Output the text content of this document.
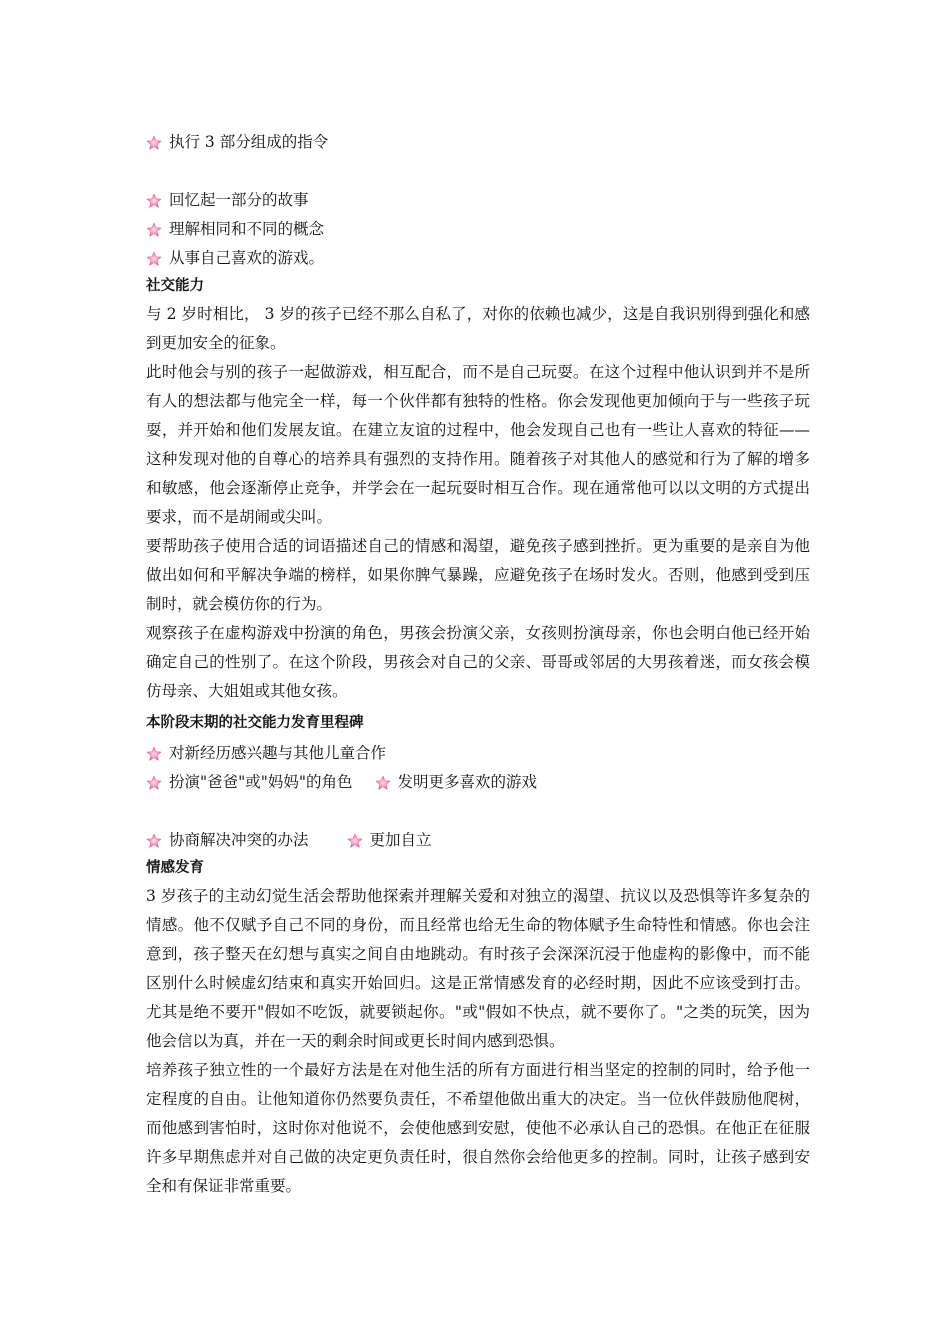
执行 3 部分组成的指令
回忆起一部分的故事
理解相同和不同的概念
从事自己喜欢的游戏。
社交能力

与 2 岁时相比， 3 岁的孩子已经不那么自私了，对你的依赖也减少，这是自我识别得到强化和感到更加安全的征象。

此时他会与别的孩子一起做游戏，相互配合，而不是自己玩耍。在这个过程中他认识到并不是所有人的想法都与他完全一样，每一个伙伴都有独特的性格。你会发现他更加倾向于与一些孩子玩耍，并开始和他们发展友谊。在建立友谊的过程中，他会发现自己也有一些让人喜欢的特征——这种发现对他的自尊心的培养具有强烈的支持作用。随着孩子对其他人的感觉和行为了解的增多和敏感，他会逐渐停止竞争，并学会在一起玩耍时相互合作。现在通常他可以以文明的方式提出要求，而不是胡闹或尖叫。

要帮助孩子使用合适的词语描述自己的情感和渴望，避免孩子感到挫折。更为重要的是亲自为他做出如何和平解决争端的榜样，如果你脾气暴躁，应避免孩子在场时发火。否则，他感到受到压制时，就会模仿你的行为。

观察孩子在虚构游戏中扮演的角色，男孩会扮演父亲，女孩则扮演母亲，你也会明白他已经开始确定自己的性别了。在这个阶段，男孩会对自己的父亲、哥哥或邻居的大男孩着迷，而女孩会模仿母亲、大姐姐或其他女孩。

本阶段末期的社交能力发育里程碑
对新经历感兴趣与其他儿童合作
扮演"爸爸"或"妈妈"的角色	发明更多喜欢的游戏
协商解决冲突的办法	更加自立
情感发育

3 岁孩子的主动幻觉生活会帮助他探索并理解关爱和对独立的渴望、抗议以及恐惧等许多复杂的情感。他不仅赋予自己不同的身份，而且经常也给无生命的物体赋予生命特性和情感。你也会注意到，孩子整天在幻想与真实之间自由地跳动。有时孩子会深深沉浸于他虚构的影像中，而不能区别什么时候虚幻结束和真实开始回归。这是正常情感发育的必经时期，因此不应该受到打击。尤其是绝不要开"假如不吃饭，就要锁起你。"或"假如不快点，就不要你了。"之类的玩笑，因为他会信以为真，并在一天的剩余时间或更长时间内感到恐惧。

培养孩子独立性的一个最好方法是在对他生活的所有方面进行相当坚定的控制的同时，给予他一定程度的自由。让他知道你仍然要负责任，不希望他做出重大的决定。当一位伙伴鼓励他爬树，而他感到害怕时，这时你对他说不，会使他感到安慰，使他不必承认自己的恐惧。在他正在征服许多早期焦虑并对自己做的决定更负责任时，很自然你会给他更多的控制。同时，让孩子感到安全和有保证非常重要。
